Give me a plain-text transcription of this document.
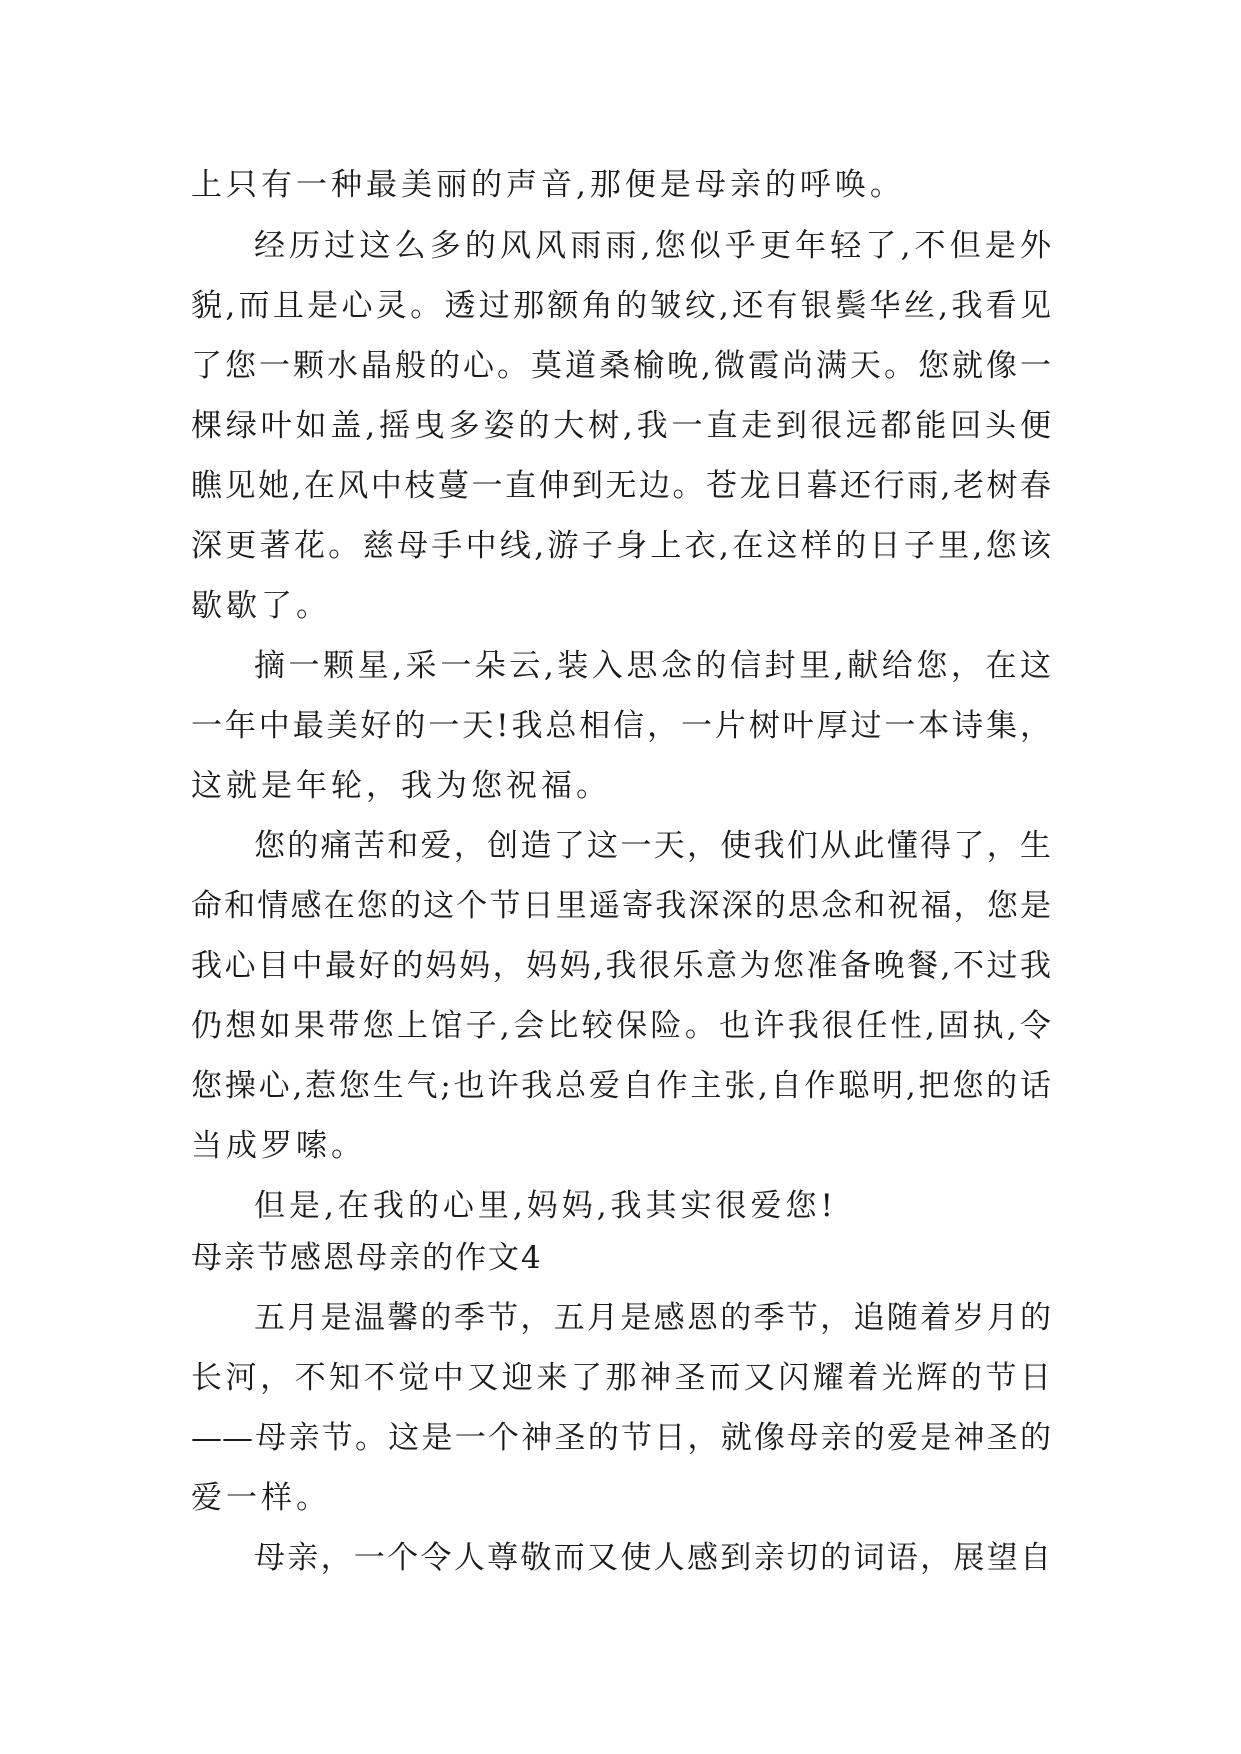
上只有一种最美丽的声音,那便是母亲的呼唤。
经历过这么多的风风雨雨,您似乎更年轻了,不但是外
貌,而且是心灵。透过那额角的皱纹,还有银鬓华丝,我看见
了您一颗水晶般的心。莫道桑榆晚,微霞尚满天。您就像一
棵绿叶如盖,摇曳多姿的大树,我一直走到很远都能回头便
瞧见她,在风中枝蔓一直伸到无边。苍龙日暮还行雨,老树春
深更著花。慈母手中线,游子身上衣,在这样的日子里,您该
歇歇了。
摘一颗星,采一朵云,装入思念的信封里,献给您，在这
一年中最美好的一天!我总相信，一片树叶厚过一本诗集，
这就是年轮，我为您祝福。
您的痛苦和爱，创造了这一天，使我们从此懂得了，生
命和情感在您的这个节日里遥寄我深深的思念和祝福，您是
我心目中最好的妈妈，妈妈,我很乐意为您准备晚餐,不过我
仍想如果带您上馆子,会比较保险。也许我很任性,固执,令
您操心,惹您生气;也许我总爱自作主张,自作聪明,把您的话
当成罗嗦。
但是,在我的心里,妈妈,我其实很爱您!
母亲节感恩母亲的作文4
五月是温馨的季节，五月是感恩的季节，追随着岁月的
长河，不知不觉中又迎来了那神圣而又闪耀着光辉的节日
——母亲节。这是一个神圣的节日，就像母亲的爱是神圣的
爱一样。
母亲，一个令人尊敬而又使人感到亲切的词语，展望自
